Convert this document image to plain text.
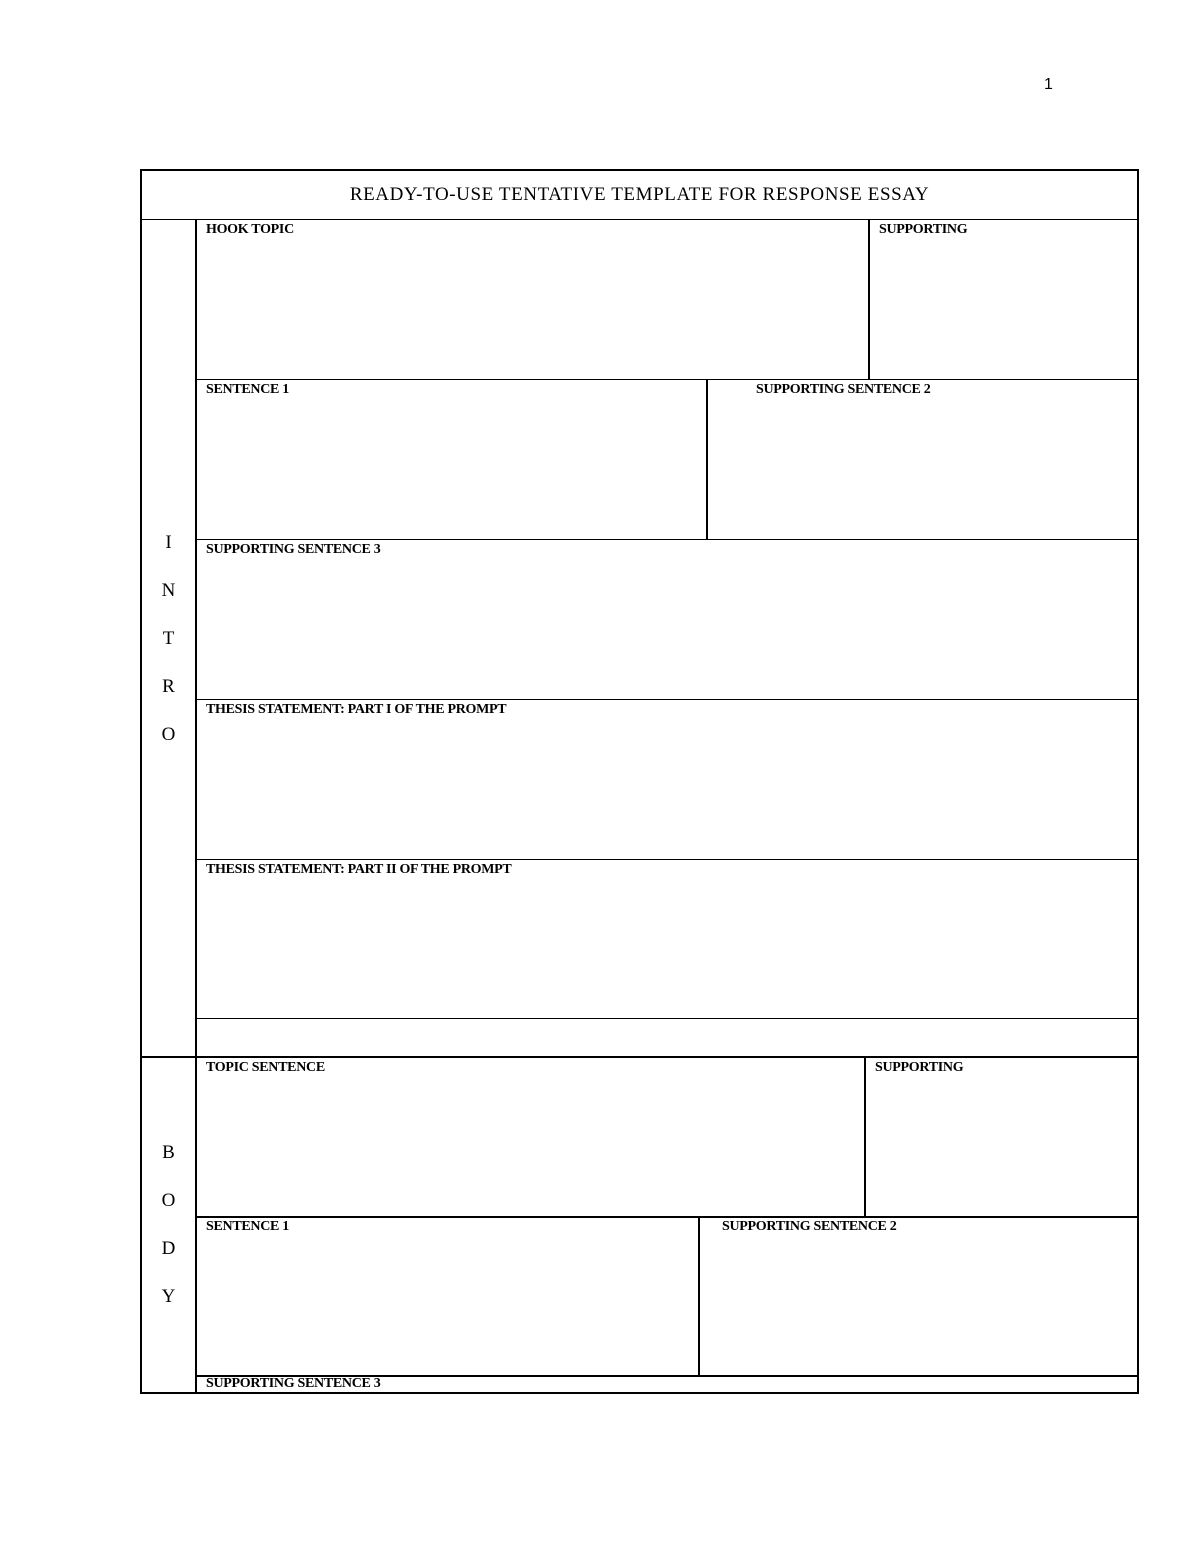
1
READY-TO-USE TENTATIVE TEMPLATE FOR RESPONSE ESSAY
I
N
T
R
O
HOOK TOPIC	SUPPORTING
SENTENCE 1	SUPPORTING SENTENCE 2
SUPPORTING SENTENCE 3
THESIS STATEMENT: PART I OF THE PROMPT
THESIS STATEMENT: PART II OF THE PROMPT
B
O
D
Y
TOPIC SENTENCE	SUPPORTING
SENTENCE 1	SUPPORTING SENTENCE 2
SUPPORTING SENTENCE 3
